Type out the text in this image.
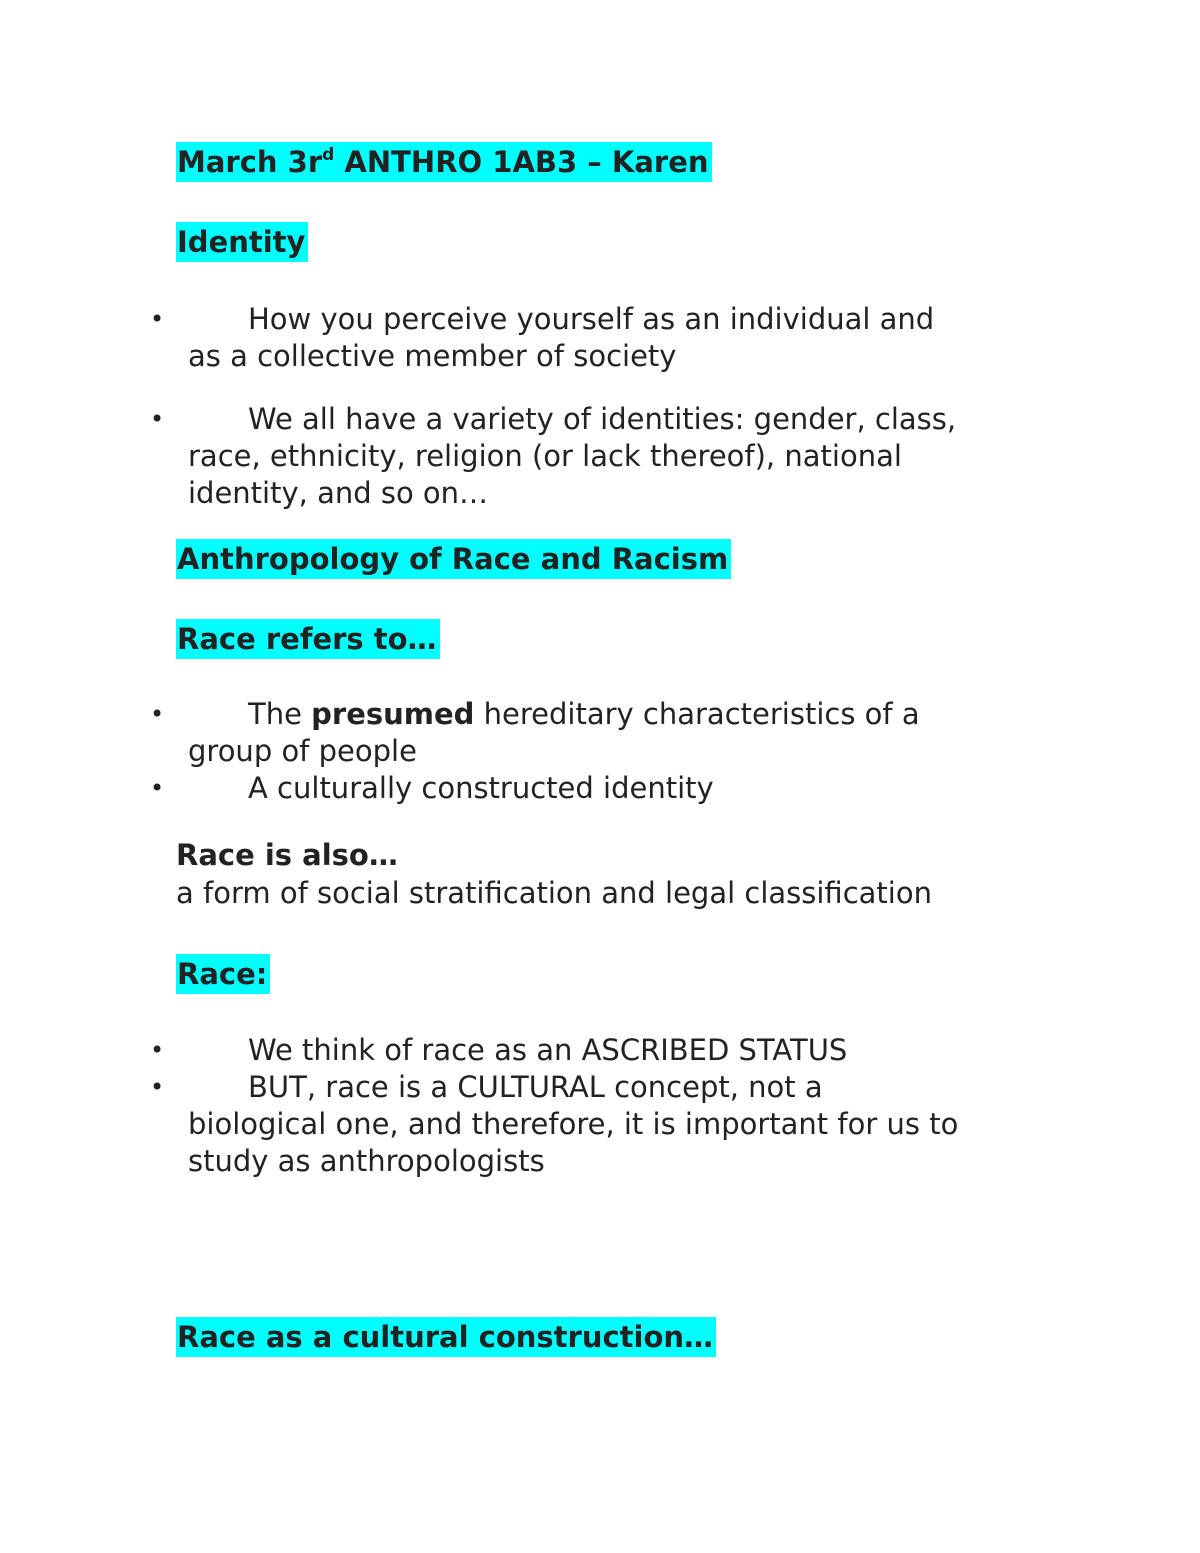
March $3r^d$ ANTHRO 1AB3 – Karen
Identity
•	How you perceive yourself as an individual and
as a collective member of society
•	We all have a variety of identities: gender, class,
race, ethnicity, religion (or lack thereof), national
identity, and so on…
Anthropology of Race and Racism
Race refers to…
•	The presumed hereditary characteristics of a
group of people
•	A culturally constructed identity
Race is also…
a form of social stratification and legal classification
Race:
•	We think of race as an ASCRIBED STATUS
•	BUT, race is a CULTURAL concept, not a
biological one, and therefore, it is important for us to
study as anthropologists
Race as a cultural construction…
